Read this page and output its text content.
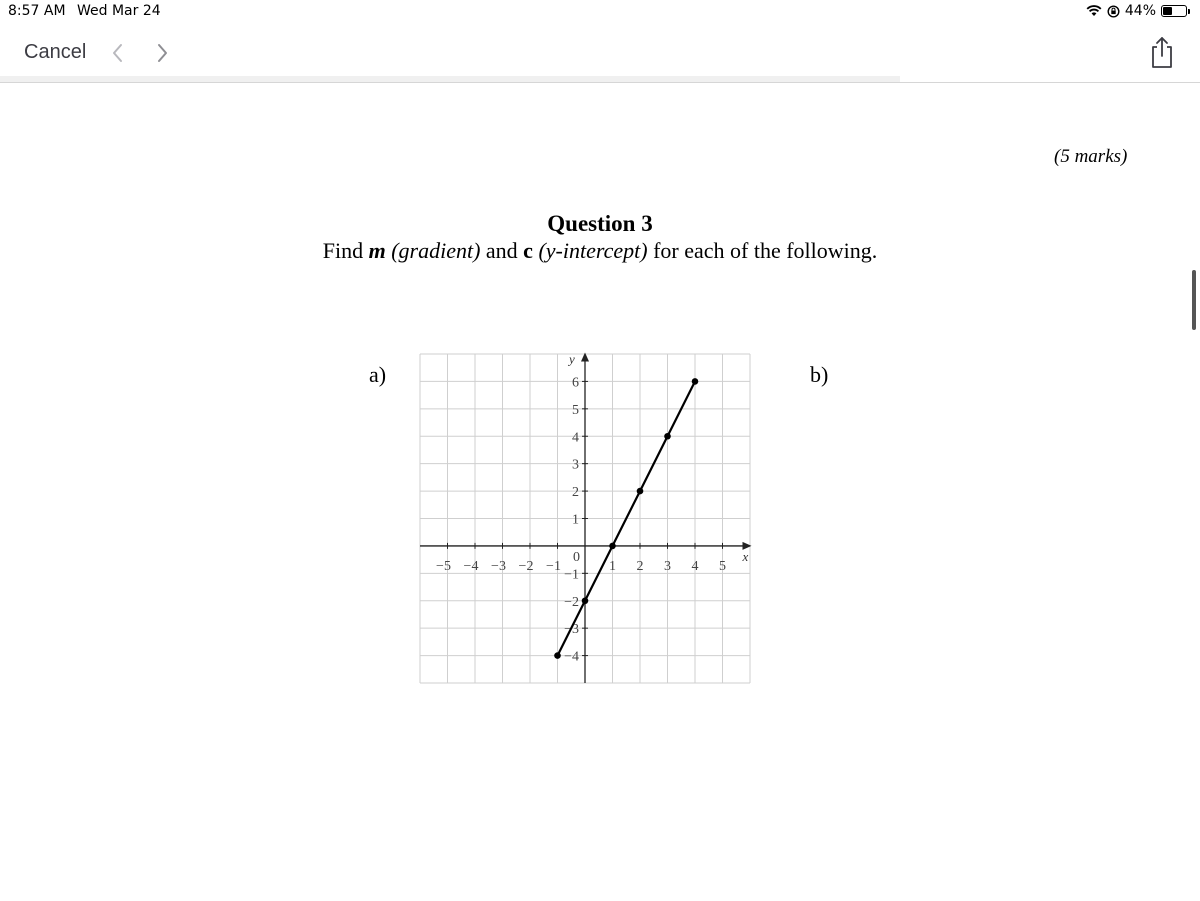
8:57 AM Wed Mar 24	44%
Cancel
(5 marks)
Question 3
Find m (gradient) and c (y-intercept) for each of the following.
a)	b)
x
y
0
−5 −4 −3 −2 −1	1 2 3 4 5
6
5
4
3
2
1
−1
−2
−3
−4
